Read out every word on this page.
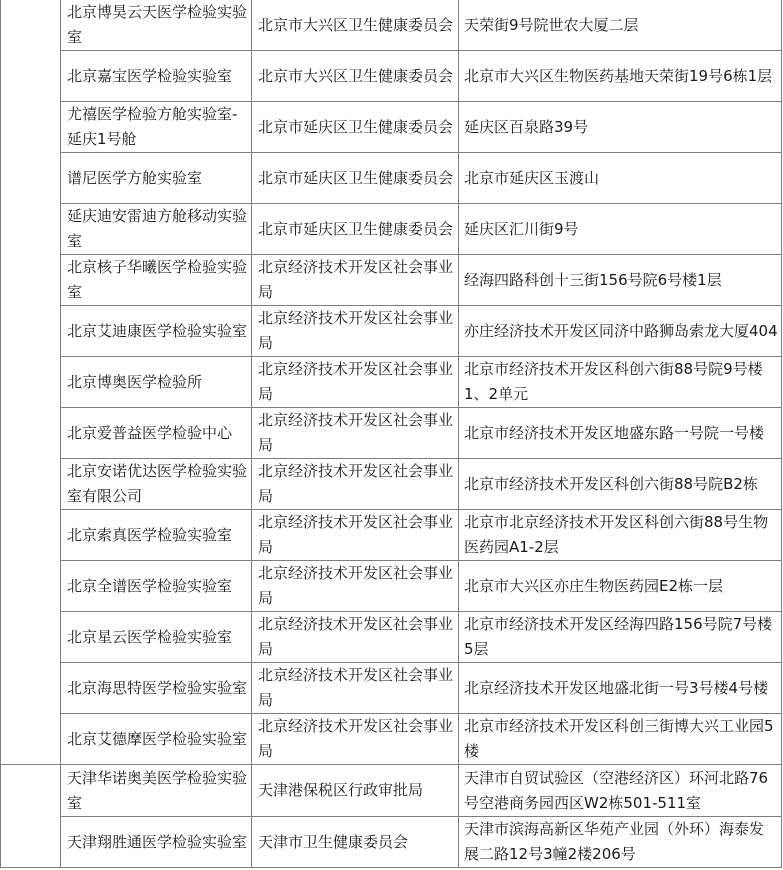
	北京博昊云天医学检验实验室	北京市大兴区卫生健康委员会	天荣街9号院世农大厦二层
	北京嘉宝医学检验实验室	北京市大兴区卫生健康委员会	北京市大兴区生物医药基地天荣街19号6栋1层
	尤禧医学检验方舱实验室-延庆1号舱	北京市延庆区卫生健康委员会	延庆区百泉路39号
	谱尼医学方舱实验室	北京市延庆区卫生健康委员会	北京市延庆区玉渡山
	延庆迪安雷迪方舱移动实验室	北京市延庆区卫生健康委员会	延庆区汇川街9号
	北京核子华曦医学检验实验室	北京经济技术开发区社会事业局	经海四路科创十三街156号院6号楼1层
	北京艾迪康医学检验实验室	北京经济技术开发区社会事业局	亦庄经济技术开发区同济中路狮岛索龙大厦404
	北京博奥医学检验所	北京经济技术开发区社会事业局	北京市经济技术开发区科创六街88号院9号楼1、2单元
	北京爱普益医学检验中心	北京经济技术开发区社会事业局	北京市经济技术开发区地盛东路一号院一号楼
	北京安诺优达医学检验实验室有限公司	北京经济技术开发区社会事业局	北京市经济技术开发区科创六街88号院B2栋
	北京索真医学检验实验室	北京经济技术开发区社会事业局	北京市北京经济技术开发区科创六街88号生物医药园A1-2层
	北京全谱医学检验实验室	北京经济技术开发区社会事业局	北京市大兴区亦庄生物医药园E2栋一层
	北京星云医学检验实验室	北京经济技术开发区社会事业局	北京市经济技术开发区经海四路156号院7号楼5层
	北京海思特医学检验实验室	北京经济技术开发区社会事业局	北京经济技术开发区地盛北街一号3号楼4号楼
	北京艾德摩医学检验实验室	北京经济技术开发区社会事业局	北京市经济技术开发区科创三街博大兴工业园5楼
	天津华诺奥美医学检验实验室	天津港保税区行政审批局	天津市自贸试验区（空港经济区）环河北路76号空港商务园西区W2栋501-511室
	天津翔胜通医学检验实验室	天津市卫生健康委员会	天津市滨海高新区华苑产业园（外环）海泰发展二路12号3幢2楼206号
